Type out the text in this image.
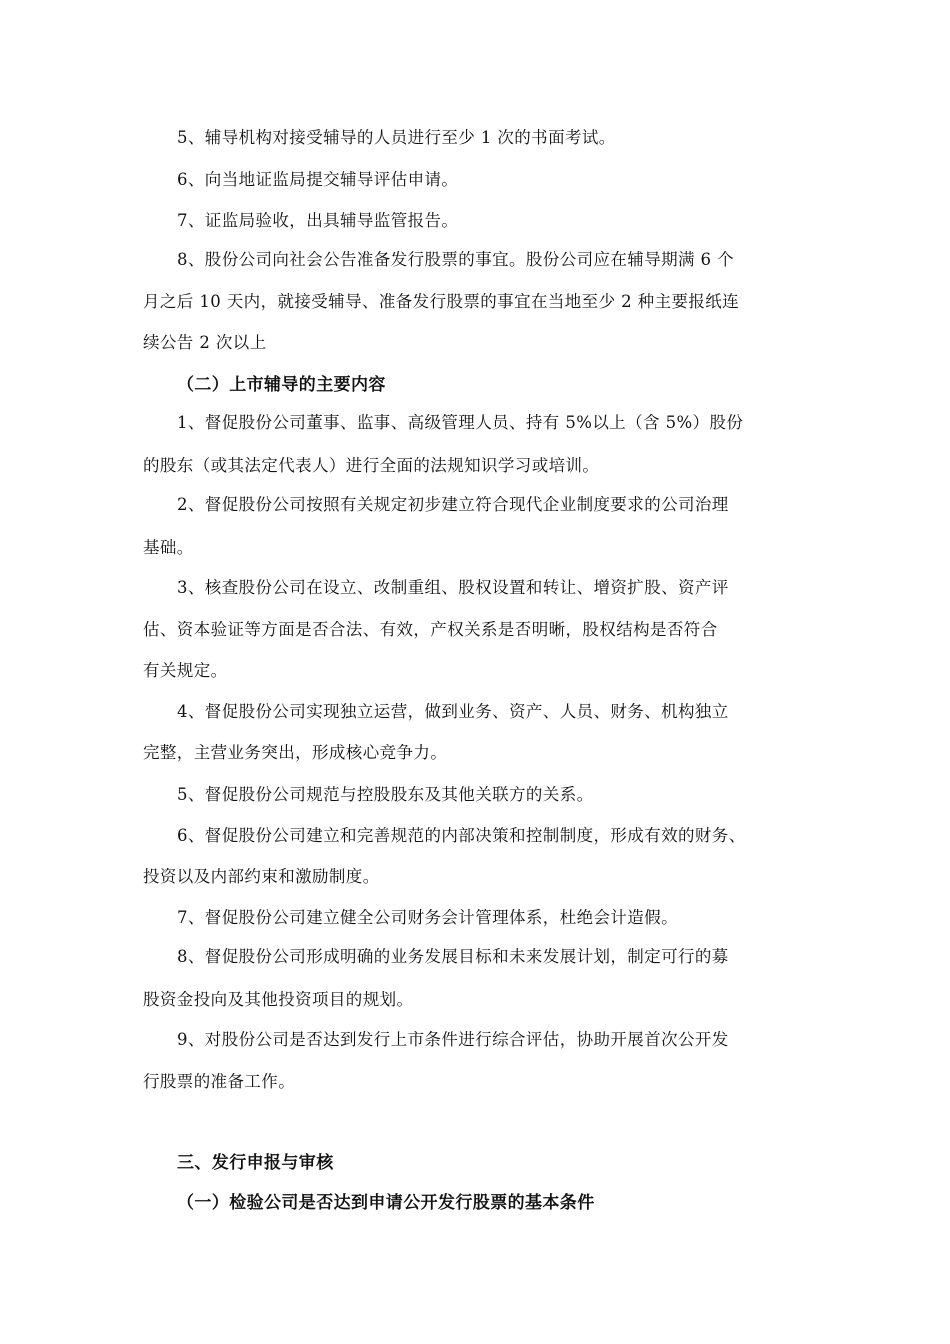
5、辅导机构对接受辅导的人员进行至少 1 次的书面考试。
6、向当地证监局提交辅导评估申请。
7、证监局验收，出具辅导监管报告。
8、股份公司向社会公告准备发行股票的事宜。股份公司应在辅导期满 6 个
月之后 10 天内，就接受辅导、准备发行股票的事宜在当地至少 2 种主要报纸连
续公告 2 次以上
（二）上市辅导的主要内容
1、督促股份公司董事、监事、高级管理人员、持有 5%以上（含 5%）股份
的股东（或其法定代表人）进行全面的法规知识学习或培训。
2、督促股份公司按照有关规定初步建立符合现代企业制度要求的公司治理
基础。
3、核查股份公司在设立、改制重组、股权设置和转让、增资扩股、资产评
估、资本验证等方面是否合法、有效，产权关系是否明晰，股权结构是否符合
有关规定。
4、督促股份公司实现独立运营，做到业务、资产、人员、财务、机构独立
完整，主营业务突出，形成核心竞争力。
5、督促股份公司规范与控股股东及其他关联方的关系。
6、督促股份公司建立和完善规范的内部决策和控制制度，形成有效的财务、
投资以及内部约束和激励制度。
7、督促股份公司建立健全公司财务会计管理体系，杜绝会计造假。
8、督促股份公司形成明确的业务发展目标和未来发展计划，制定可行的募
股资金投向及其他投资项目的规划。
9、对股份公司是否达到发行上市条件进行综合评估，协助开展首次公开发
行股票的准备工作。
三、发行申报与审核
（一）检验公司是否达到申请公开发行股票的基本条件
